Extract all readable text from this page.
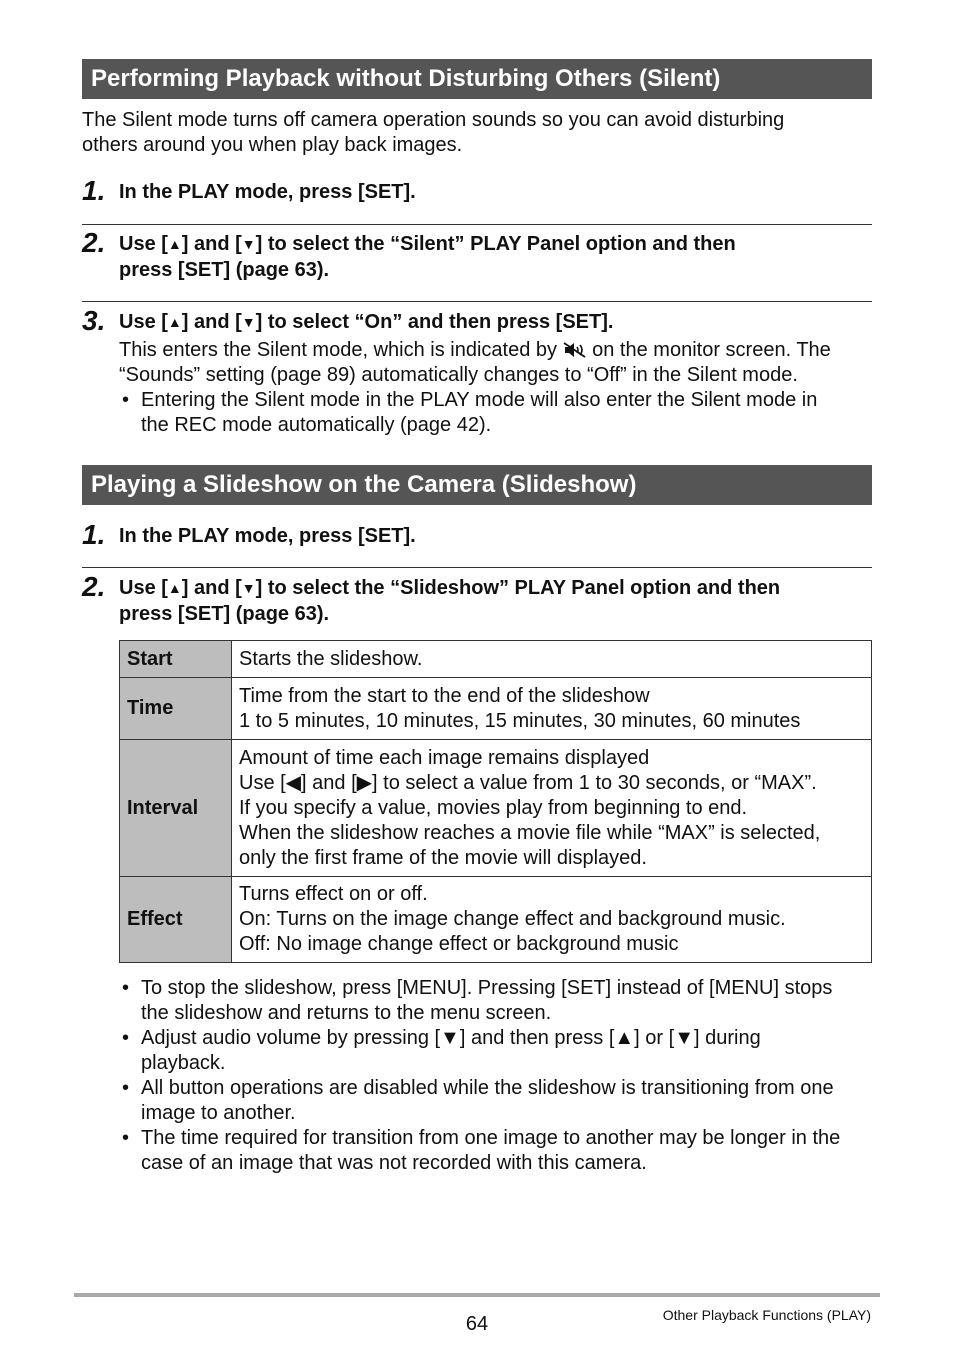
Performing Playback without Disturbing Others (Silent)
The Silent mode turns off camera operation sounds so you can avoid disturbing
others around you when play back images.
1. In the PLAY mode, press [SET].
2. Use [▲] and [▼] to select the “Silent” PLAY Panel option and then
press [SET] (page 63).
3. Use [▲] and [▼] to select “On” and then press [SET].
This enters the Silent mode, which is indicated by on the monitor screen. The
“Sounds” setting (page 89) automatically changes to “Off” in the Silent mode.
• Entering the Silent mode in the PLAY mode will also enter the Silent mode in
the REC mode automatically (page 42).
Playing a Slideshow on the Camera (Slideshow)
1. In the PLAY mode, press [SET].
2. Use [▲] and [▼] to select the “Slideshow” PLAY Panel option and then
press [SET] (page 63).
Start	Starts the slideshow.

Time	Time from the start to the end of the slideshow
1 to 5 minutes, 10 minutes, 15 minutes, 30 minutes, 60 minutes

Interval	Amount of time each image remains displayed
Use [◀] and [▶] to select a value from 1 to 30 seconds, or “MAX”.
If you specify a value, movies play from beginning to end.
When the slideshow reaches a movie file while “MAX” is selected,
only the first frame of the movie will displayed.

Effect	Turns effect on or off.
On: Turns on the image change effect and background music.
Off: No image change effect or background music
• To stop the slideshow, press [MENU]. Pressing [SET] instead of [MENU] stops
the slideshow and returns to the menu screen.
• Adjust audio volume by pressing [▼] and then press [▲] or [▼] during
playback.
• All button operations are disabled while the slideshow is transitioning from one
image to another.
• The time required for transition from one image to another may be longer in the
case of an image that was not recorded with this camera.
64	Other Playback Functions (PLAY)
